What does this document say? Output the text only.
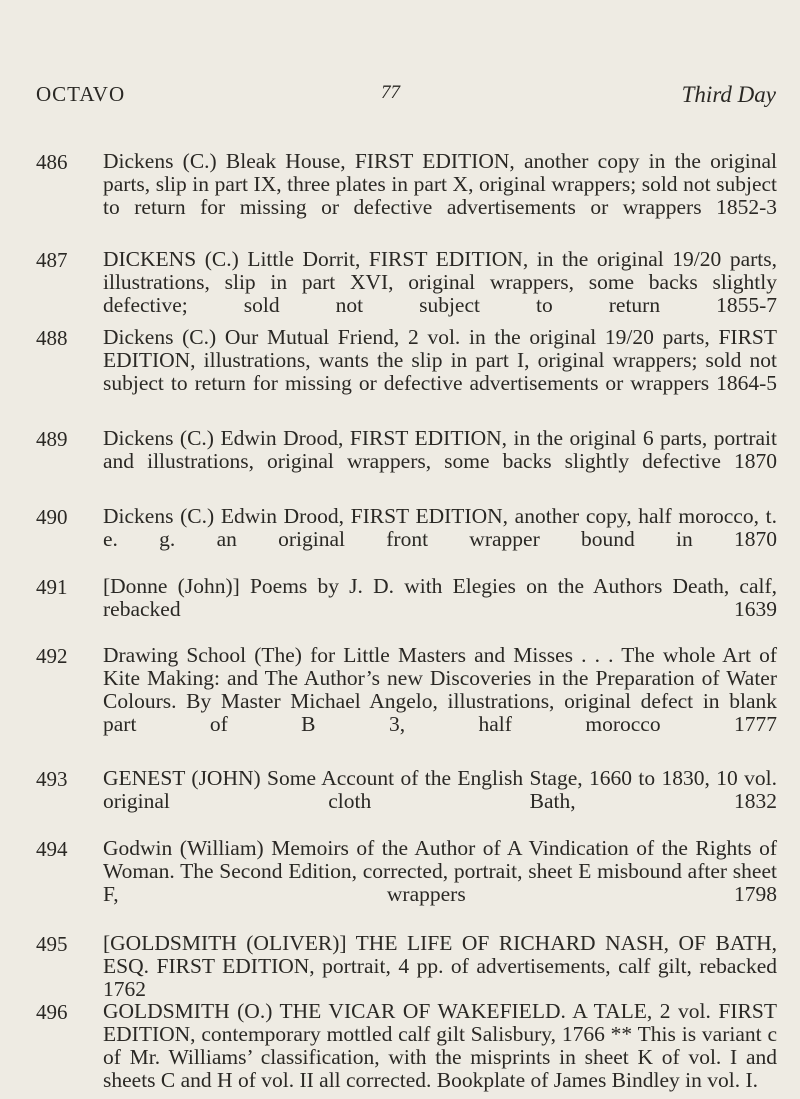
OCTAVO	77	Third Day
486 Dickens (C.) Bleak House, FIRST EDITION, another copy in the original parts, slip in part IX, three plates in part X, original wrappers; sold not subject to return for missing or defective advertisements or wrappers 1852-3
487 DICKENS (C.) Little Dorrit, FIRST EDITION, in the original 19/20 parts, illustrations, slip in part XVI, original wrappers, some backs slightly defective; sold not subject to return 1855-7
488 Dickens (C.) Our Mutual Friend, 2 vol. in the original 19/20 parts, FIRST EDITION, illustrations, wants the slip in part I, original wrappers; sold not subject to return for missing or defective advertisements or wrappers 1864-5
489 Dickens (C.) Edwin Drood, FIRST EDITION, in the original 6 parts, portrait and illustrations, original wrappers, some backs slightly defective 1870
490 Dickens (C.) Edwin Drood, FIRST EDITION, another copy, half morocco, t. e. g. an original front wrapper bound in 1870
491 [Donne (John)] Poems by J. D. with Elegies on the Authors Death, calf, rebacked 1639
492 Drawing School (The) for Little Masters and Misses . . . The whole Art of Kite Making: and The Author’s new Discoveries in the Preparation of Water Colours. By Master Michael Angelo, illustrations, original defect in blank part of B 3, half morocco 1777
493 GENEST (JOHN) Some Account of the English Stage, 1660 to 1830, 10 vol. original cloth Bath, 1832
494 Godwin (William) Memoirs of the Author of A Vindication of the Rights of Woman. The Second Edition, corrected, portrait, sheet E misbound after sheet F, wrappers 1798
495 [GOLDSMITH (OLIVER)] THE LIFE OF RICHARD NASH, OF BATH, ESQ. FIRST EDITION, portrait, 4 pp. of advertisements, calf gilt, rebacked 1762
496 GOLDSMITH (O.) THE VICAR OF WAKEFIELD. A TALE, 2 vol. FIRST EDITION, contemporary mottled calf gilt Salisbury, 1766 ** This is variant c of Mr. Williams’ classification, with the misprints in sheet K of vol. I and sheets C and H of vol. II all corrected. Bookplate of James Bindley in vol. I.
